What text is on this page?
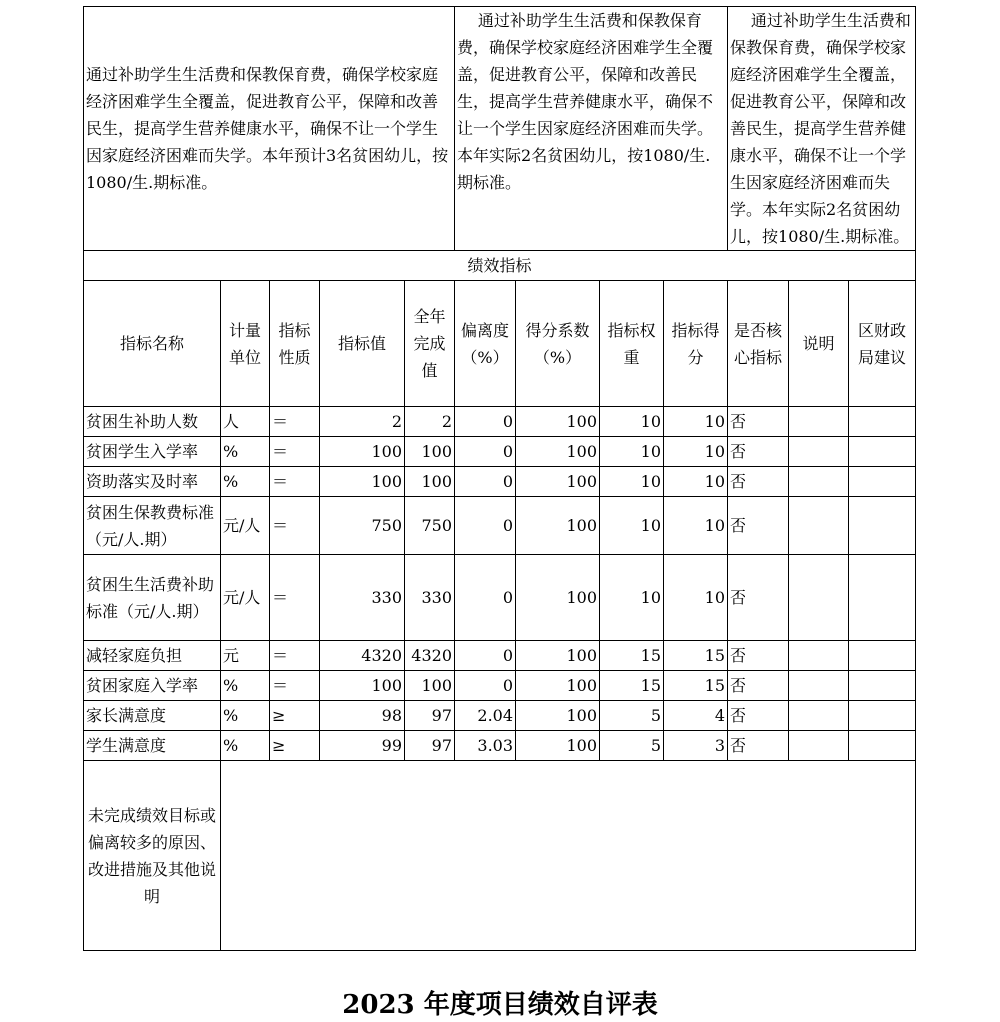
通过补助学生生活费和保教保育费，确保学校家庭经济困难学生全覆盖，促进教育公平，保障和改善民生，提高学生营养健康水平，确保不让一个学生因家庭经济困难而失学。本年预计3名贫困幼儿，按1080/生.期标准。					通过补助学生生活费和保教保育费，确保学校家庭经济困难学生全覆盖，促进教育公平，保障和改善民生，提高学生营养健康水平，确保不让一个学生因家庭经济困难而失学。本年实际2名贫困幼儿，按1080/生.期标准。				通过补助学生生活费和保教保育费，确保学校家庭经济困难学生全覆盖，促进教育公平，保障和改善民生，提高学生营养健康水平，确保不让一个学生因家庭经济困难而失学。本年实际2名贫困幼儿，按1080/生.期标准。		
绩效指标											
指标名称	计量单位	指标性质	指标值	全年完成值	偏离度（%）	得分系数（%）	指标权重	指标得分	是否核心指标	说明	区财政局建议
贫困生补助人数	人	＝	2	2	0	100	10	10	否		
贫困学生入学率	%	＝	100	100	0	100	10	10	否		
资助落实及时率	%	＝	100	100	0	100	10	10	否		
贫困生保教费标准（元/人.期）	元/人	＝	750	750	0	100	10	10	否		
贫困生生活费补助标准（元/人.期）	元/人	＝	330	330	0	100	10	10	否		
减轻家庭负担	元	＝	4320	4320	0	100	15	15	否		
贫困家庭入学率	%	＝	100	100	0	100	15	15	否		
家长满意度	%	≥	98	97	2.04	100	5	4	否		
学生满意度	%	≥	99	97	3.03	100	5	3	否		
未完成绩效目标或偏离较多的原因、改进措施及其他说明											
2023 年度项目绩效自评表
